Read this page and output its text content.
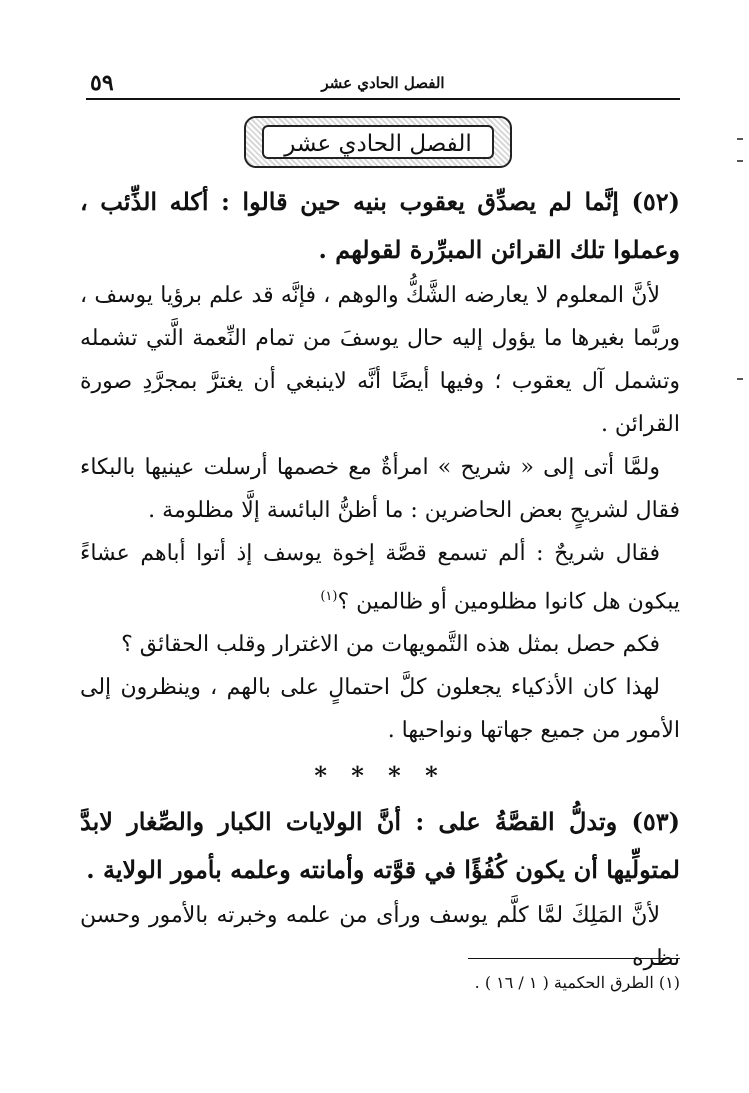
٥٩	الفصل الحادي عشر
الفصل الحادي عشر

(٥٢) إنَّما لم يصدِّق يعقوب بنيه حين قالوا : أكله الذِّئب ، وعملوا تلك القرائن المبرِّرة لقولهم .

لأنَّ المعلوم لا يعارضه الشَّكُّ والوهم ، فإنَّه قد علم برؤيا يوسف ، وربَّما بغيرها ما يؤول إليه حال يوسفَ من تمام النِّعمة الَّتي تشمله وتشمل آل يعقوب ؛ وفيها أيضًا أنَّه لاينبغي أن يغترَّ بمجرَّدِ صورة القرائن .

ولمَّا أتى إلى « شريح » امرأةٌ مع خصمها أرسلت عينيها بالبكاء فقال لشريحٍ بعض الحاضرين : ما أظنُّ البائسة إلَّا مظلومة .

فقال شريحٌ : ألم تسمع قصَّة إخوة يوسف إذ أتوا أباهم عشاءً يبكون هل كانوا مظلومين أو ظالمين ؟$^{(١)}$

فكم حصل بمثل هذه التَّمويهات من الاغترار وقلب الحقائق ؟

لهذا كان الأذكياء يجعلون كلَّ احتمالٍ على بالهم ، وينظرون إلى الأمور من جميع جهاتها ونواحيها .

* * * *

(٥٣) وتدلُّ القصَّةُ على : أنَّ الولايات الكبار والصِّغار لابدَّ لمتولِّيها أن يكون كُفُؤًا في قوَّته وأمانته وعلمه بأمور الولاية .

لأنَّ المَلِكَ لمَّا كلَّم يوسف ورأى من علمه وخبرته بالأمور وحسن نظره

(١) الطرق الحكمية ( ١ / ١٦ ) .
